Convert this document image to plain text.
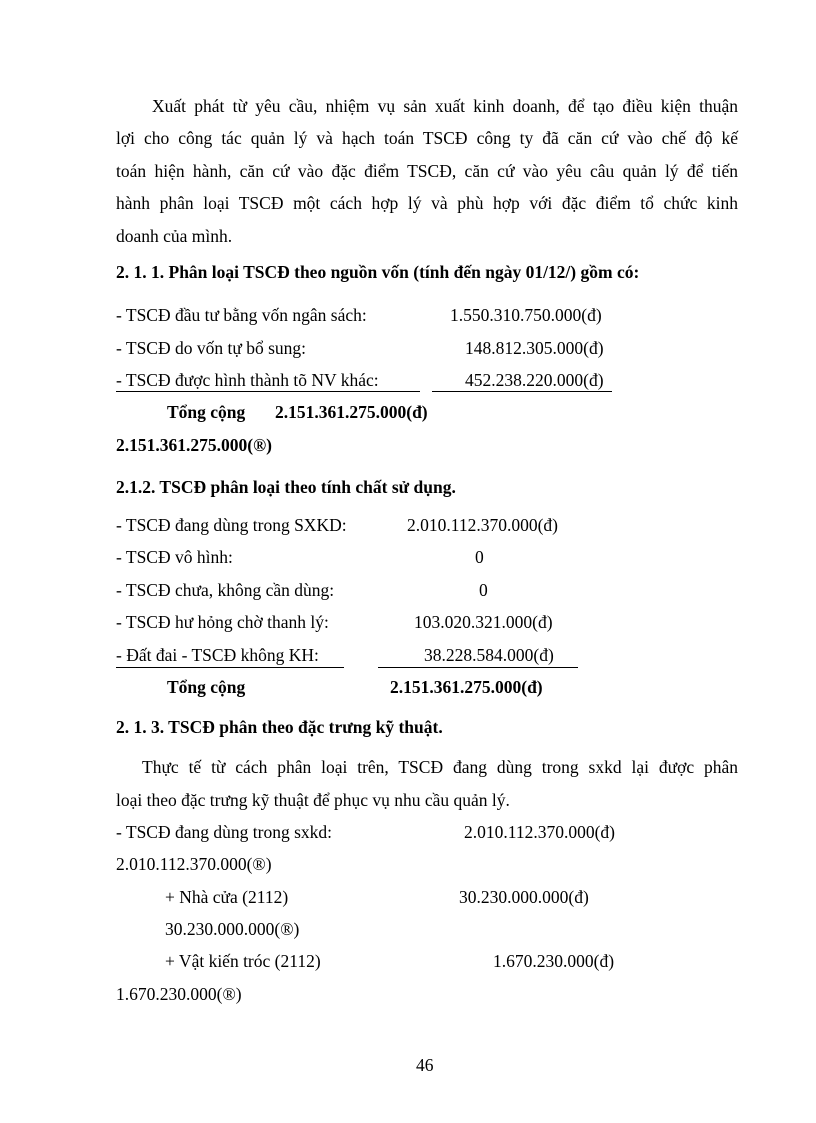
Xuất phát từ yêu cầu, nhiệm vụ sản xuất kinh doanh, để tạo điều kiện thuận
lợi cho công tác quản lý và hạch toán TSCĐ công ty đã căn cứ vào chế độ kế
toán hiện hành, căn cứ vào đặc điểm TSCĐ, căn cứ vào yêu câu quản lý để tiến
hành phân loại TSCĐ một cách hợp lý và phù hợp với đặc điểm tổ chức kinh
doanh của mình.
2. 1. 1. Phân loại TSCĐ theo nguồn vốn (tính đến ngày 01/12/) gồm có:
- TSCĐ đầu tư bằng vốn ngân sách:	1.550.310.750.000(đ)
- TSCĐ do vốn tự bổ sung:	148.812.305.000(đ)
- TSCĐ được hình thành tõ NV khác:	452.238.220.000(đ)
Tổng cộng 2.151.361.275.000(đ)
2.151.361.275.000(®)
2.1.2. TSCĐ phân loại theo tính chất sử dụng.
- TSCĐ đang dùng trong SXKD:	2.010.112.370.000(đ)
- TSCĐ vô hình:	0
- TSCĐ chưa, không cần dùng:	0
- TSCĐ hư hỏng chờ thanh lý:	103.020.321.000(đ)
- Đất đai - TSCĐ không KH:	38.228.584.000(đ)
Tổng cộng	2.151.361.275.000(đ)
2. 1. 3. TSCĐ phân theo đặc trưng kỹ thuật.
Thực tế từ cách phân loại trên, TSCĐ đang dùng trong sxkd lại được phân
loại theo đặc trưng kỹ thuật để phục vụ nhu cầu quản lý.
- TSCĐ đang dùng trong sxkd:	2.010.112.370.000(đ)
2.010.112.370.000(®)
+ Nhà cửa (2112)	30.230.000.000(đ)
30.230.000.000(®)
+ Vật kiến tróc (2112)	1.670.230.000(đ)
1.670.230.000(®)
46
